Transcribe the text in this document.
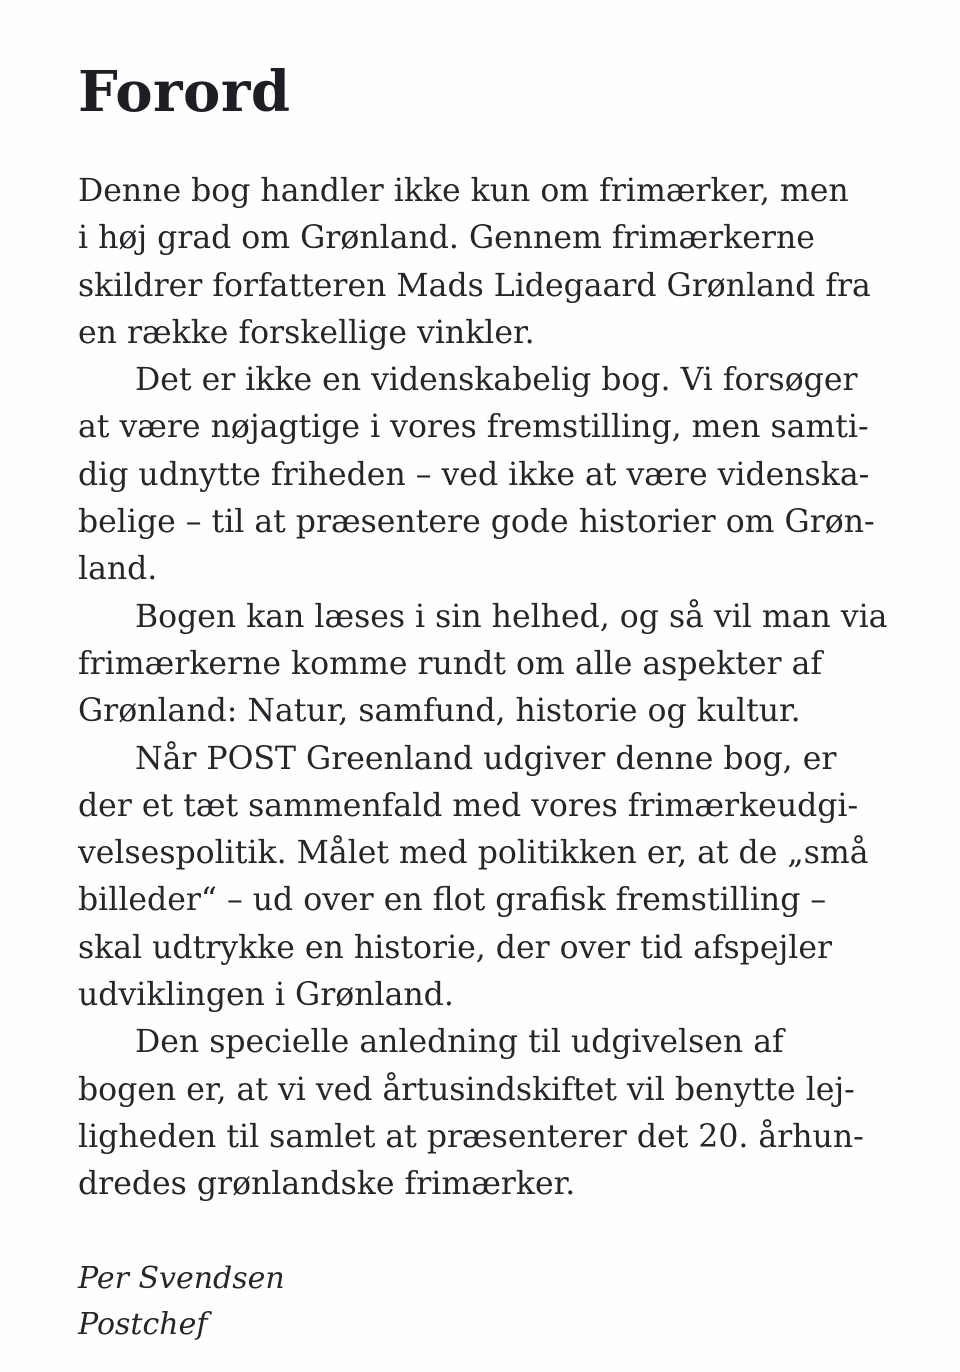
Forord

Denne bog handler ikke kun om frimærker, men
i høj grad om Grønland. Gennem frimærkerne
skildrer forfatteren Mads Lidegaard Grønland fra
en række forskellige vinkler.

Det er ikke en videnskabelig bog. Vi forsøger
at være nøjagtige i vores fremstilling, men samti-
dig udnytte friheden – ved ikke at være videnska-
belige – til at præsentere gode historier om Grøn-
land.

Bogen kan læses i sin helhed, og så vil man via
frimærkerne komme rundt om alle aspekter af
Grønland: Natur, samfund, historie og kultur.

Når POST Greenland udgiver denne bog, er
der et tæt sammenfald med vores frimærkeudgi-
velsespolitik. Målet med politikken er, at de „små
billeder“ – ud over en flot grafisk fremstilling –
skal udtrykke en historie, der over tid afspejler
udviklingen i Grønland.

Den specielle anledning til udgivelsen af
bogen er, at vi ved årtusindskiftet vil benytte lej-
ligheden til samlet at præsenterer det 20. århun-
dredes grønlandske frimærker.

Per Svendsen
Postchef
